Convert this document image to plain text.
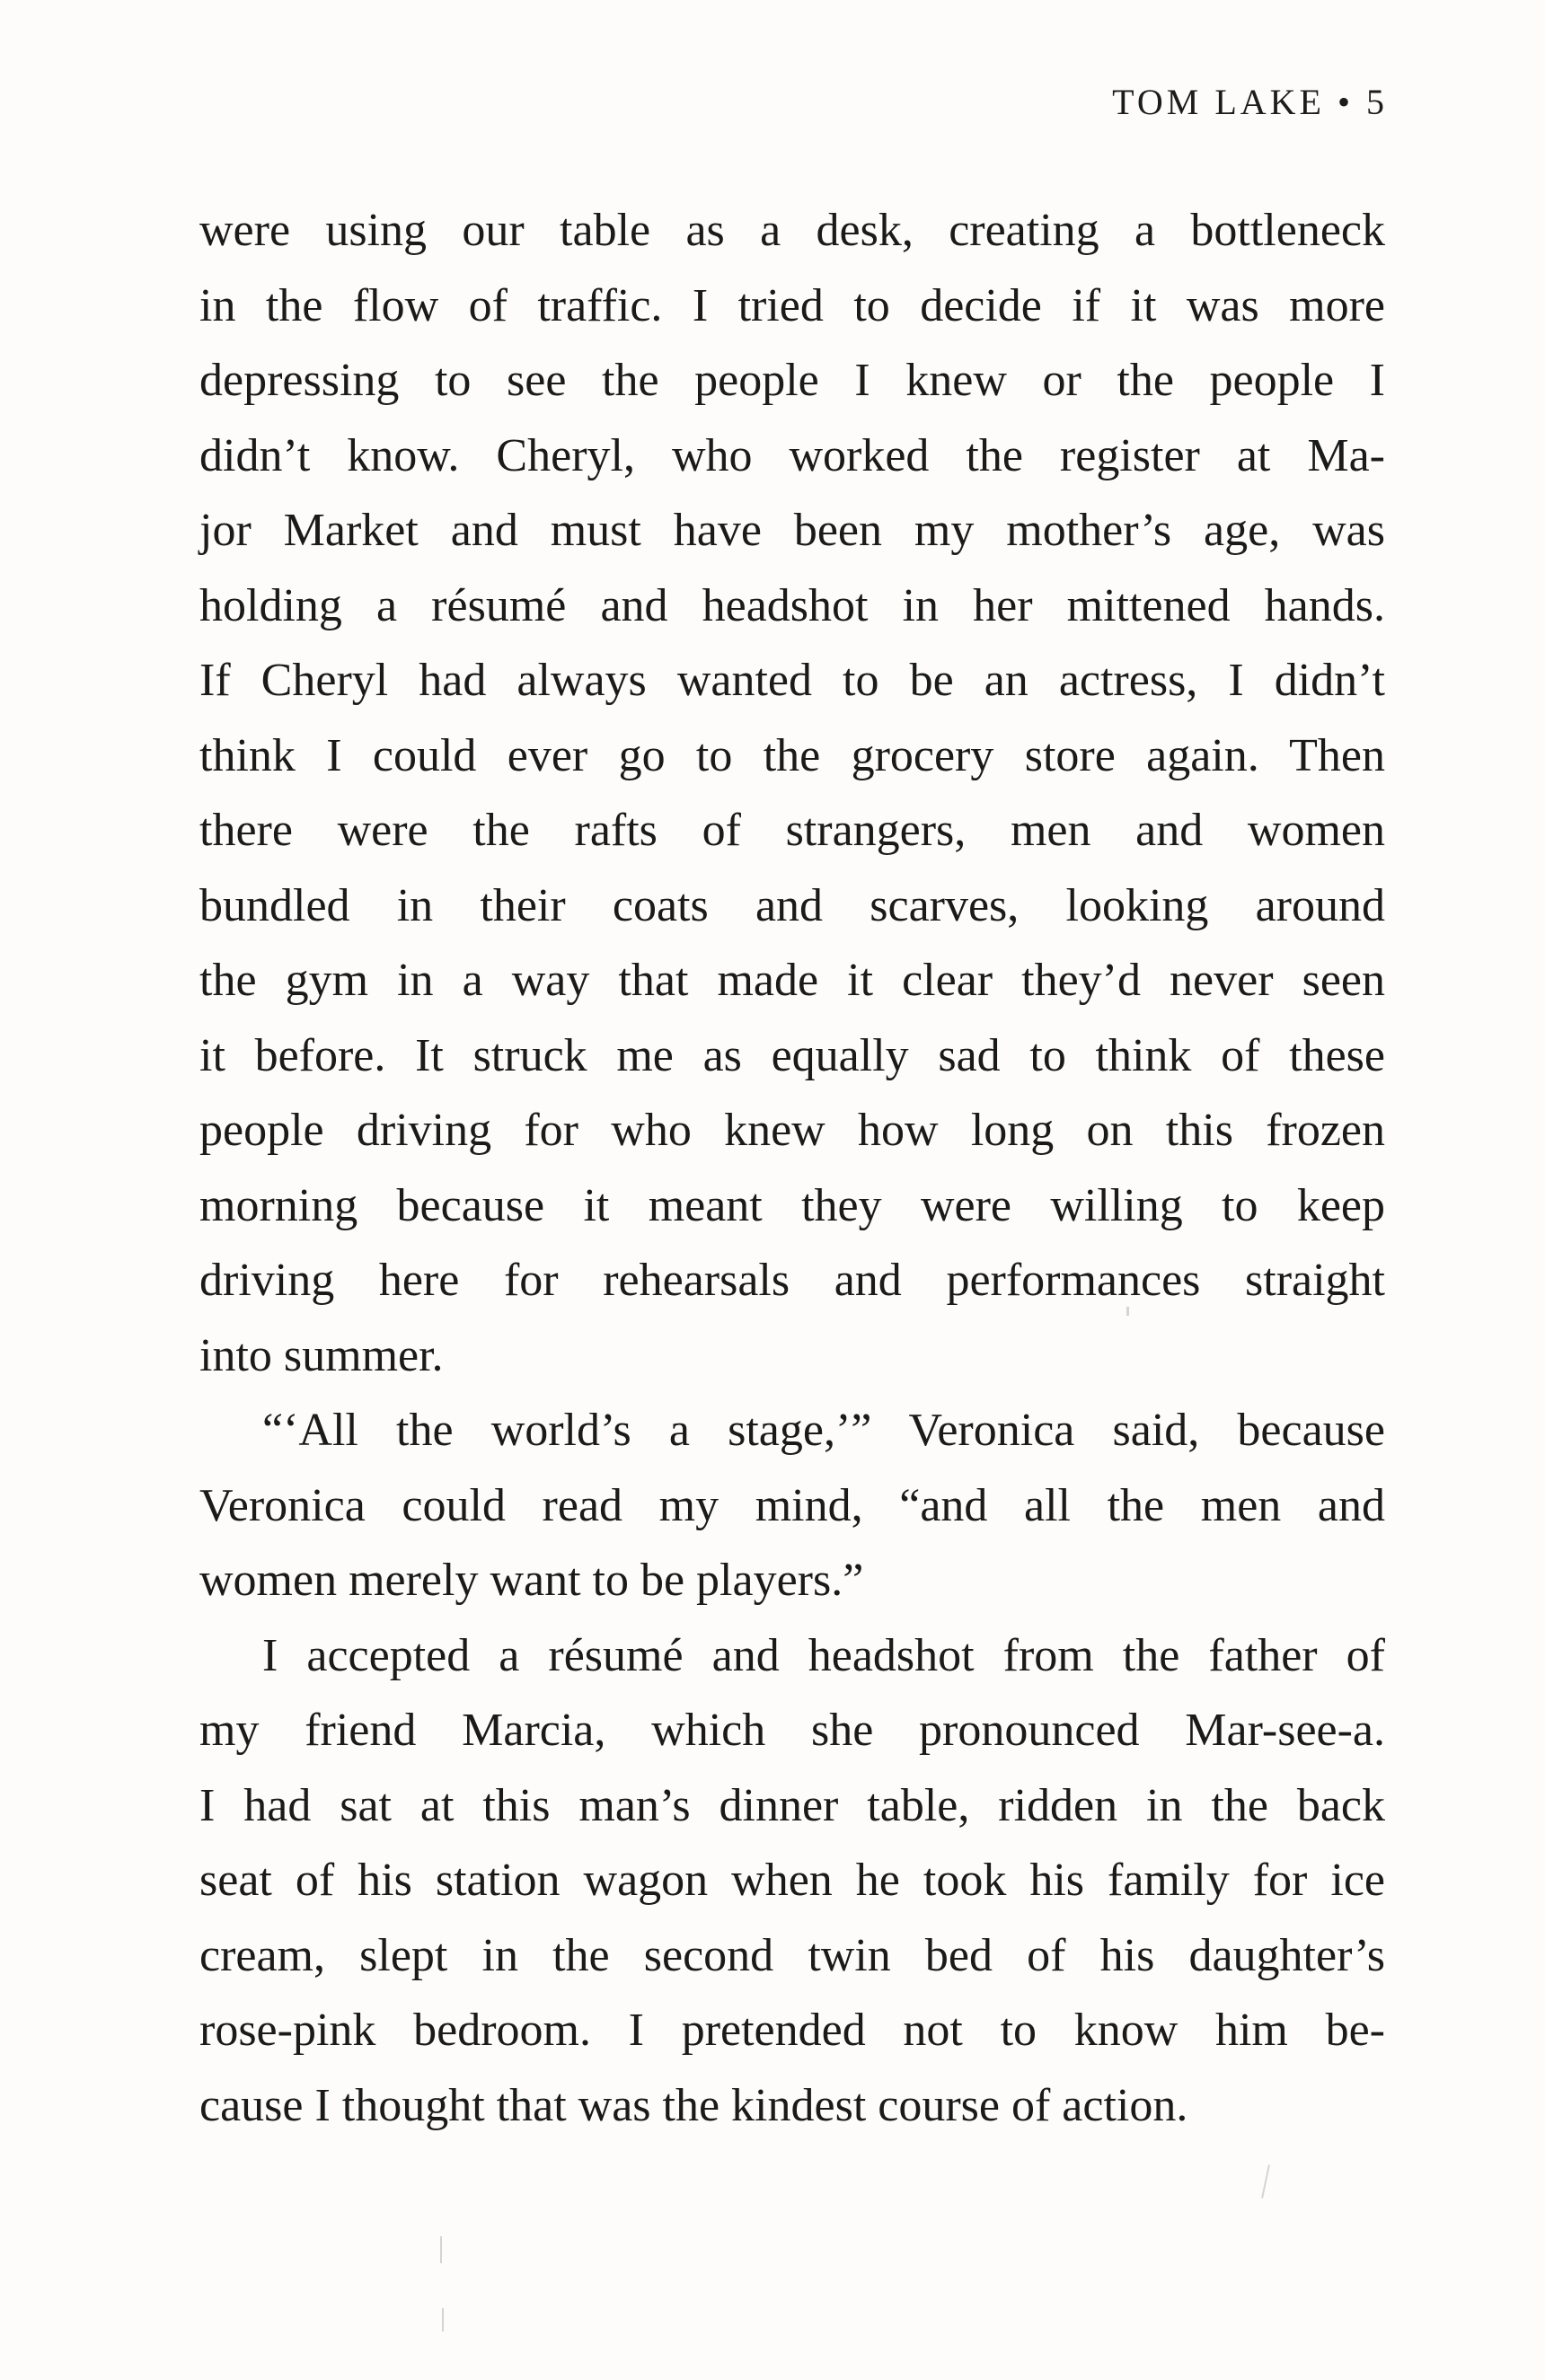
TOM LAKE • 5
were using our table as a desk, creating a bottleneck
in the flow of traffic. I tried to decide if it was more
depressing to see the people I knew or the people I
didn’t know. Cheryl, who worked the register at Ma-
jor Market and must have been my mother’s age, was
holding a résumé and headshot in her mittened hands.
If Cheryl had always wanted to be an actress, I didn’t
think I could ever go to the grocery store again. Then
there were the rafts of strangers, men and women
bundled in their coats and scarves, looking around
the gym in a way that made it clear they’d never seen
it before. It struck me as equally sad to think of these
people driving for who knew how long on this frozen
morning because it meant they were willing to keep
driving here for rehearsals and performances straight
into summer.
“‘All the world’s a stage,’” Veronica said, because
Veronica could read my mind, “and all the men and
women merely want to be players.”
I accepted a résumé and headshot from the father of
my friend Marcia, which she pronounced Mar-see-a.
I had sat at this man’s dinner table, ridden in the back
seat of his station wagon when he took his family for ice
cream, slept in the second twin bed of his daughter’s
rose-pink bedroom. I pretended not to know him be-
cause I thought that was the kindest course of action.
